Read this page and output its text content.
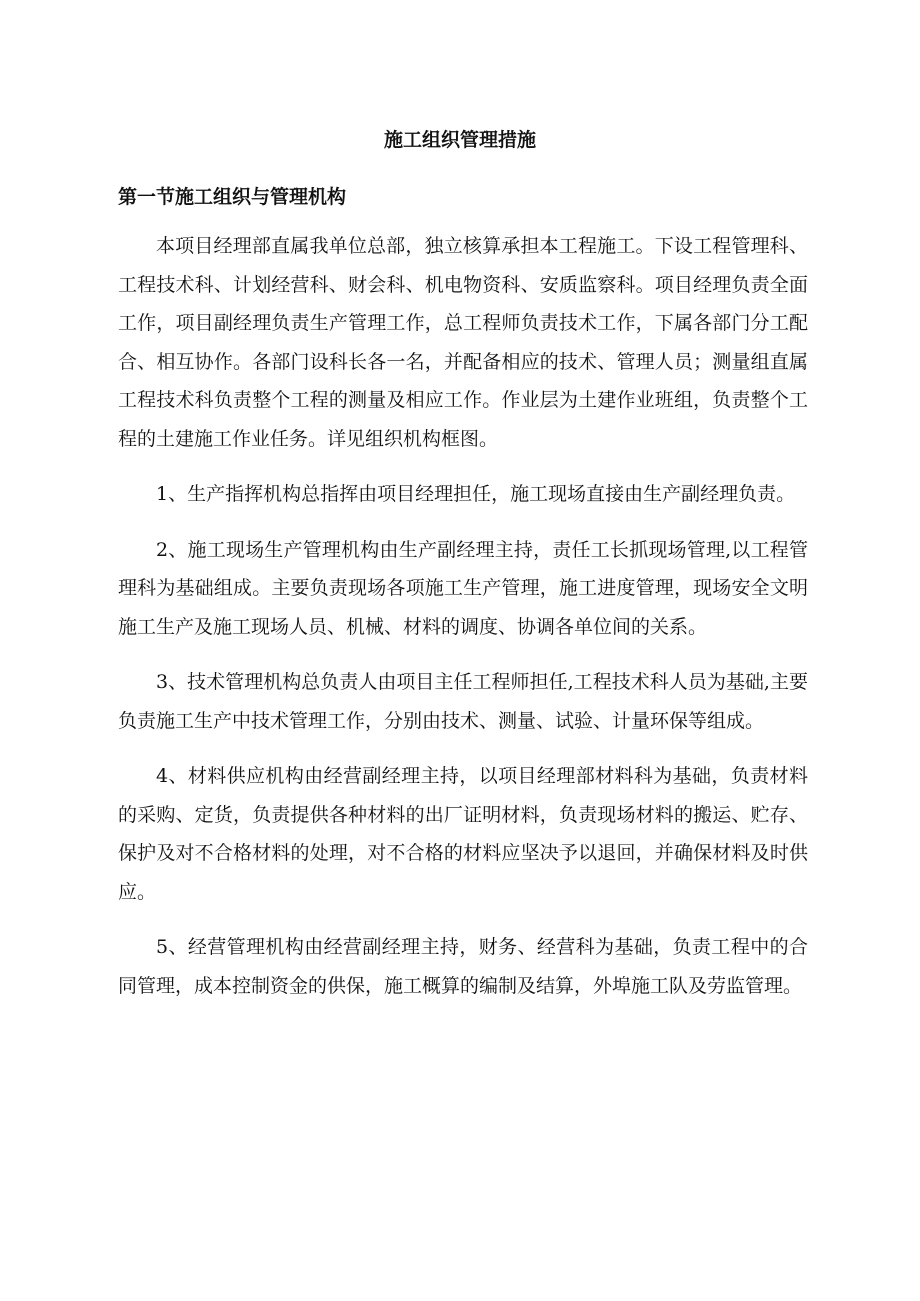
施工组织管理措施
第一节施工组织与管理机构

本项目经理部直属我单位总部，独立核算承担本工程施工。下设工程管理科、工程技术科、计划经营科、财会科、机电物资科、安质监察科。项目经理负责全面工作，项目副经理负责生产管理工作，总工程师负责技术工作，下属各部门分工配合、相互协作。各部门设科长各一名，并配备相应的技术、管理人员；测量组直属工程技术科负责整个工程的测量及相应工作。作业层为土建作业班组，负责整个工程的土建施工作业任务。详见组织机构框图。

1、生产指挥机构总指挥由项目经理担任，施工现场直接由生产副经理负责。

2、施工现场生产管理机构由生产副经理主持，责任工长抓现场管理,以工程管理科为基础组成。主要负责现场各项施工生产管理，施工进度管理，现场安全文明施工生产及施工现场人员、机械、材料的调度、协调各单位间的关系。

3、技术管理机构总负责人由项目主任工程师担任,工程技术科人员为基础,主要负责施工生产中技术管理工作，分别由技术、测量、试验、计量环保等组成。

4、材料供应机构由经营副经理主持，以项目经理部材料科为基础，负责材料的采购、定货，负责提供各种材料的出厂证明材料，负责现场材料的搬运、贮存、保护及对不合格材料的处理，对不合格的材料应坚决予以退回，并确保材料及时供应。

5、经营管理机构由经营副经理主持，财务、经营科为基础，负责工程中的合同管理，成本控制资金的供保，施工概算的编制及结算，外埠施工队及劳监管理。
